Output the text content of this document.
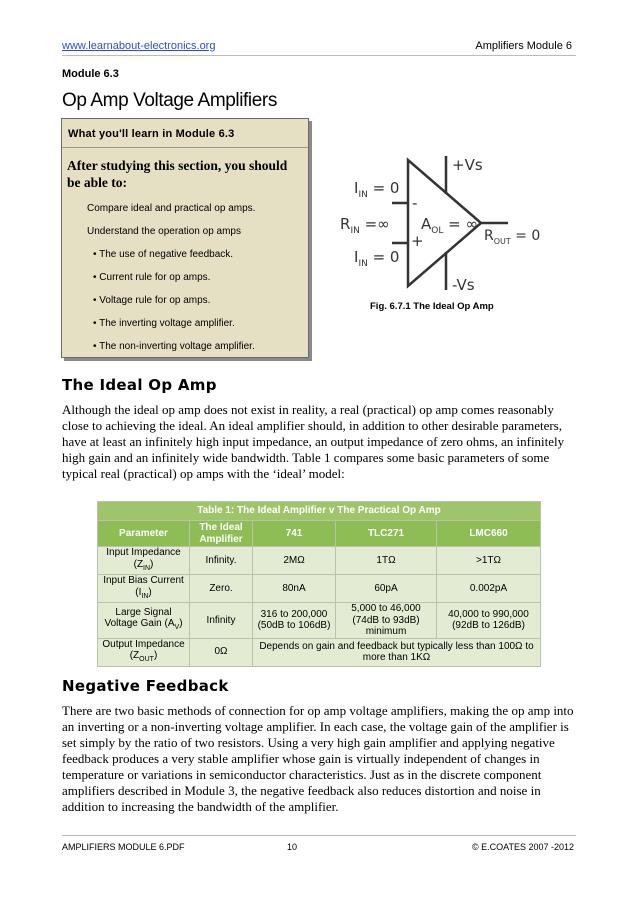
www.learnabout-electronics.org	Amplifiers Module 6
Module 6.3
Op Amp Voltage Amplifiers
What you'll learn in Module 6.3
After studying this section, you should be able to:
Compare ideal and practical op amps.
Understand the operation op amps
• The use of negative feedback.
• Current rule for op amps.
• Voltage rule for op amps.
• The inverting voltage amplifier.
• The non-inverting voltage amplifier.
+Vs
-Vs
-
+
$I_{IN} = 0$
$R_{IN}$ =∞
$I_{IN} = 0$
$A_{OL}$ = ∞
$R_{OUT} = 0$
Fig. 6.7.1 The Ideal Op Amp
The Ideal Op Amp
Although the ideal op amp does not exist in reality, a real (practical) op amp comes reasonably close to achieving the ideal. An ideal amplifier should, in addition to other desirable parameters, have at least an infinitely high input impedance, an output impedance of zero ohms, an infinitely high gain and an infinitely wide bandwidth. Table 1 compares some basic parameters of some typical real (practical) op amps with the ‘ideal’ model:
Table 1: The Ideal Amplifier v The Practical Op Amp				
Parameter	The Ideal Amplifier	741	TLC271	LMC660
Input Impedance
$(Z_{IN})$	Infinity.	2MΩ	1TΩ	>1TΩ
Input Bias Current
$(I_{IN})$	Zero.	80nA	60pA	0.002pA
Large Signal Voltage Gain $(A_V)$	Infinity	316 to 200,000 (50dB to 106dB)	5,000 to 46,000 (74dB to 93dB) minimum	40,000 to 990,000 (92dB to 126dB)
Output Impedance
$(Z_{OUT})$	0Ω	Depends on gain and feedback but typically less than 100Ω to more than 1KΩ		
Negative Feedback
There are two basic methods of connection for op amp voltage amplifiers, making the op amp into an inverting or a non-inverting voltage amplifier. In each case, the voltage gain of the amplifier is set simply by the ratio of two resistors. Using a very high gain amplifier and applying negative feedback produces a very stable amplifier whose gain is virtually independent of changes in temperature or variations in semiconductor characteristics. Just as in the discrete component amplifiers described in Module 3, the negative feedback also reduces distortion and noise in addition to increasing the bandwidth of the amplifier.
AMPLIFIERS MODULE 6.PDF	10	© E.COATES 2007 -2012
